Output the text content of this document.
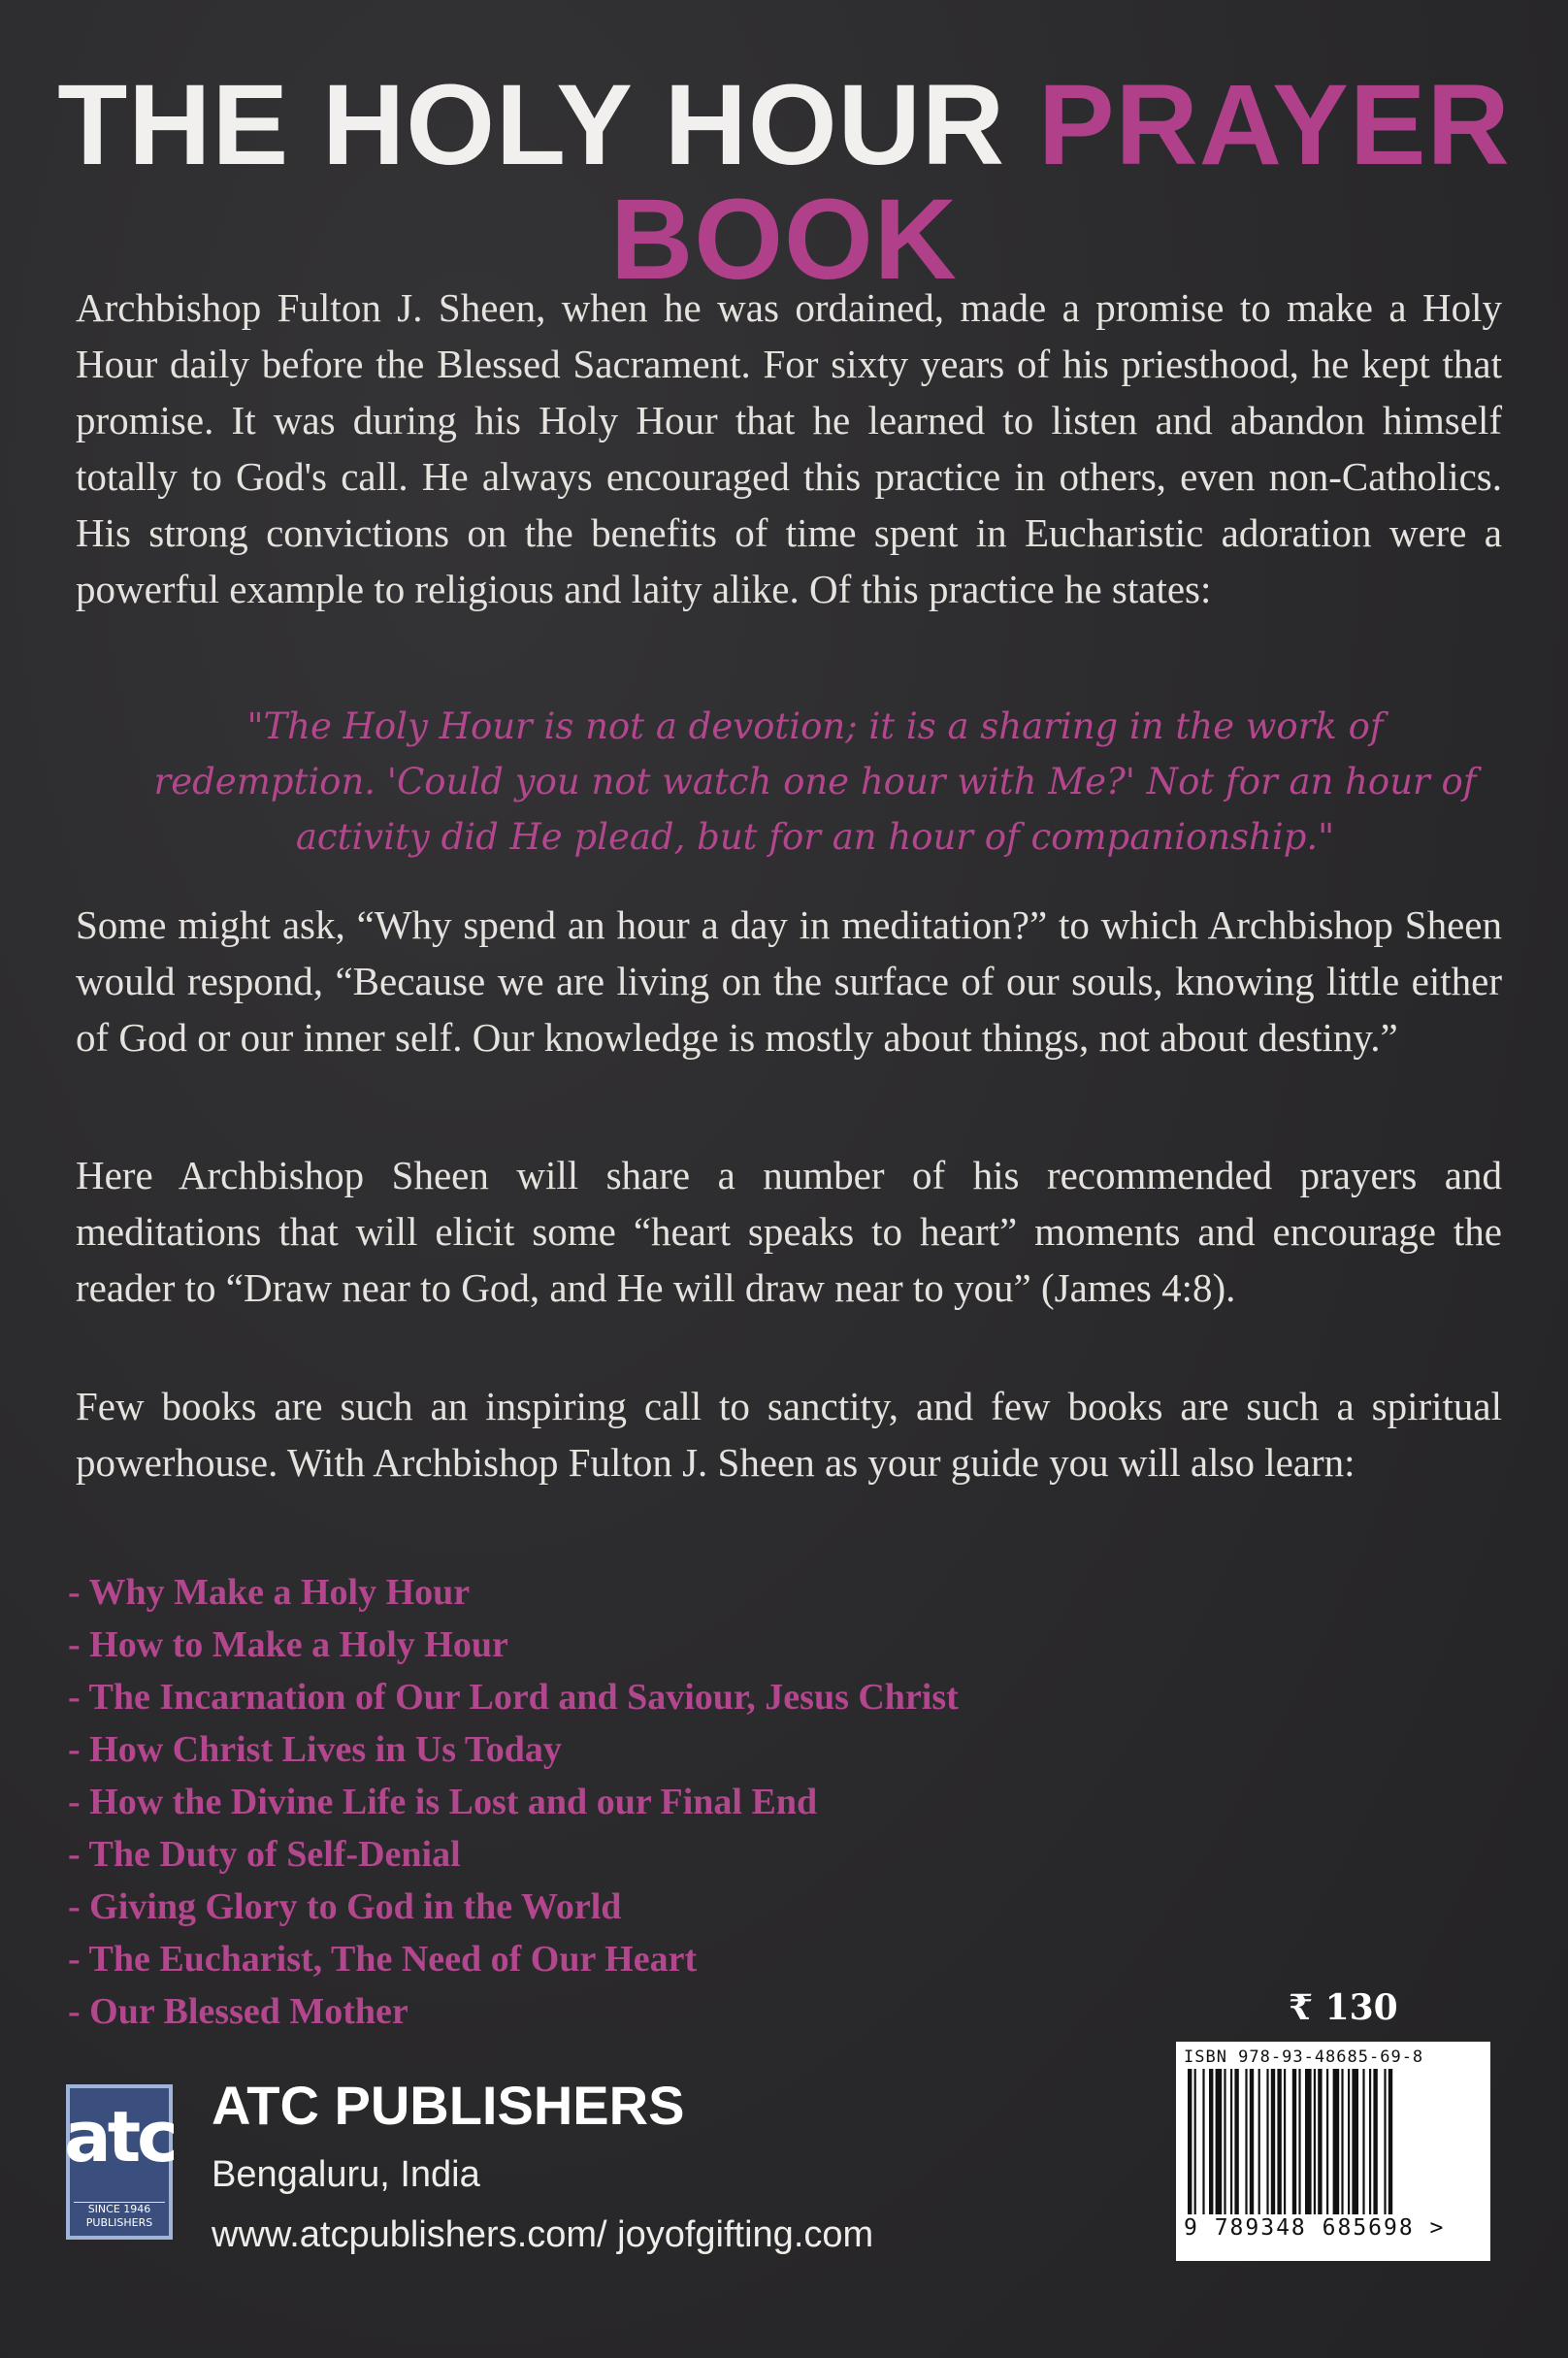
THE HOLY HOUR PRAYER BOOK

Archbishop Fulton J. Sheen, when he was ordained, made a promise to make a Holy Hour daily before the Blessed Sacrament. For sixty years of his priesthood, he kept that promise. It was during his Holy Hour that he learned to listen and abandon himself totally to God's call. He always encouraged this practice in others, even non-Catholics. His strong convictions on the benefits of time spent in Eucharistic adoration were a powerful example to religious and laity alike. Of this practice he states:

"The Holy Hour is not a devotion; it is a sharing in the work of redemption. 'Could you not watch one hour with Me?' Not for an hour of activity did He plead, but for an hour of companionship."

Some might ask, “Why spend an hour a day in meditation?” to which Archbishop Sheen would respond, “Because we are living on the surface of our souls, knowing little either of God or our inner self. Our knowledge is mostly about things, not about destiny.”

Here Archbishop Sheen will share a number of his recommended prayers and meditations that will elicit some “heart speaks to heart” moments and encourage the reader to “Draw near to God, and He will draw near to you” (James 4:8).

Few books are such an inspiring call to sanctity, and few books are such a spiritual powerhouse. With Archbishop Fulton J. Sheen as your guide you will also learn:

- Why Make a Holy Hour
- How to Make a Holy Hour
- The Incarnation of Our Lord and Saviour, Jesus Christ
- How Christ Lives in Us Today
- How the Divine Life is Lost and our Final End
- The Duty of Self-Denial
- Giving Glory to God in the World
- The Eucharist, The Need of Our Heart
- Our Blessed Mother
atc
SINCE 1946
PUBLISHERS
ATC PUBLISHERS
Bengaluru, India
www.atcpublishers.com/ joyofgifting.com
₹ 130
ISBN 978-93-48685-69-8
9 789348 685698 >
